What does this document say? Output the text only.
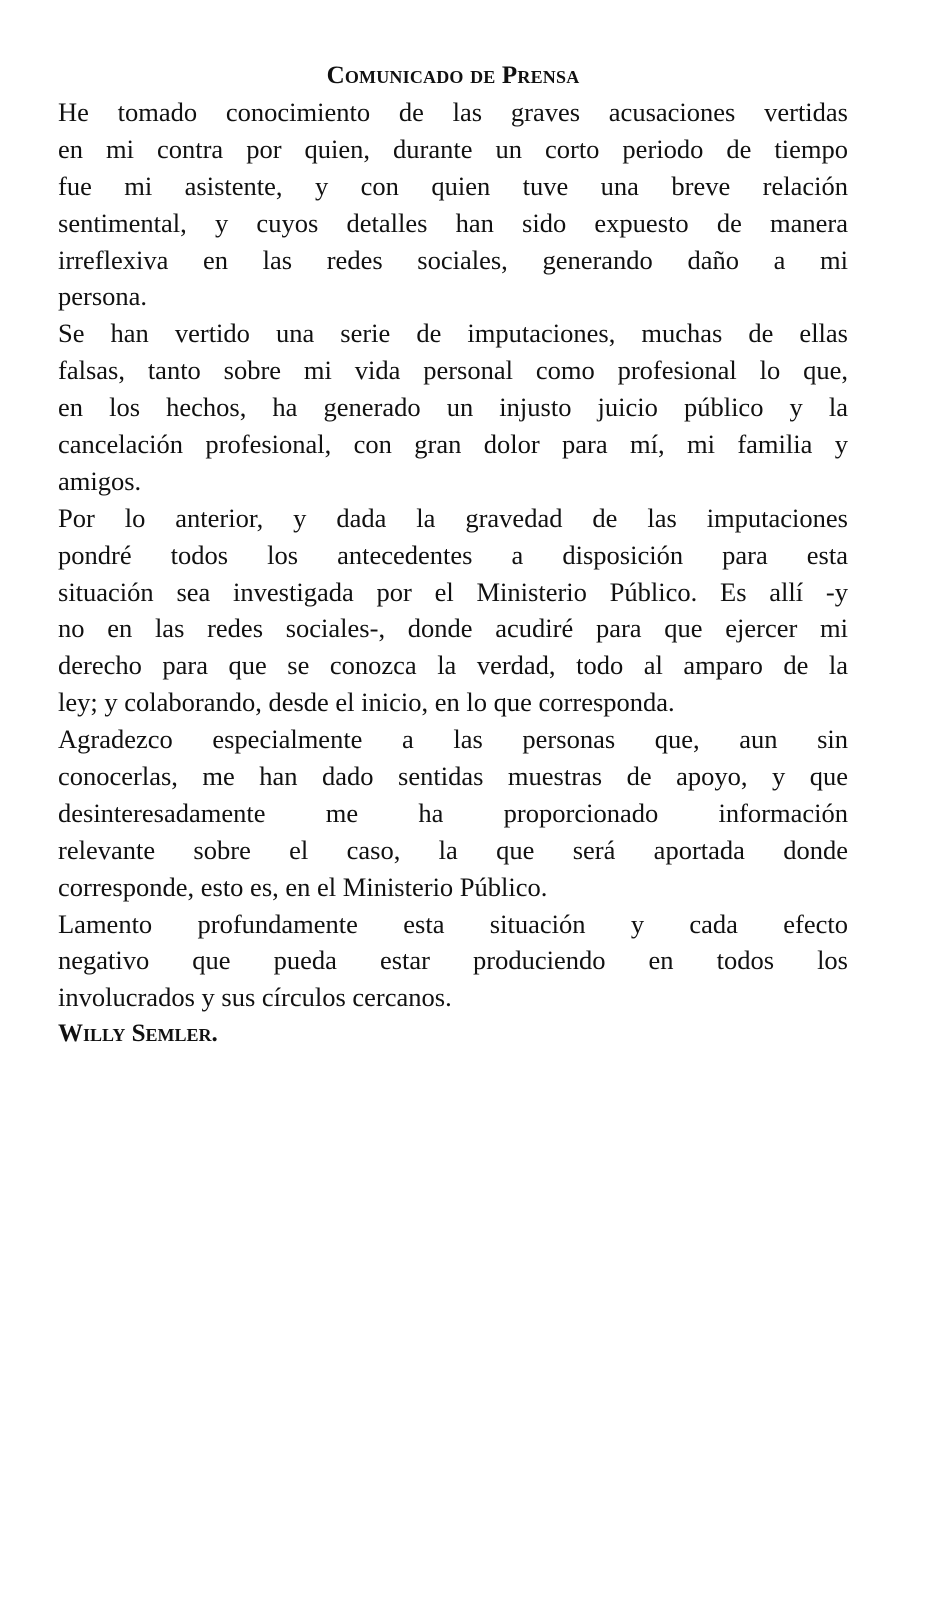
Comunicado de Prensa
He tomado conocimiento de las graves acusaciones vertidas
en mi contra por quien, durante un corto periodo de tiempo
fue mi asistente, y con quien tuve una breve relación
sentimental, y cuyos detalles han sido expuesto de manera
irreflexiva en las redes sociales, generando daño a mi
persona.
Se han vertido una serie de imputaciones, muchas de ellas
falsas, tanto sobre mi vida personal como profesional lo que,
en los hechos, ha generado un injusto juicio público y la
cancelación profesional, con gran dolor para mí, mi familia y
amigos.
Por lo anterior, y dada la gravedad de las imputaciones
pondré todos los antecedentes a disposición para esta
situación sea investigada por el Ministerio Público. Es allí -y
no en las redes sociales-, donde acudiré para que ejercer mi
derecho para que se conozca la verdad, todo al amparo de la
ley; y colaborando, desde el inicio, en lo que corresponda.
Agradezco especialmente a las personas que, aun sin
conocerlas, me han dado sentidas muestras de apoyo, y que
desinteresadamente me ha proporcionado información
relevante sobre el caso, la que será aportada donde
corresponde, esto es, en el Ministerio Público.
Lamento profundamente esta situación y cada efecto
negativo que pueda estar produciendo en todos los
involucrados y sus círculos cercanos.
Willy Semler.
